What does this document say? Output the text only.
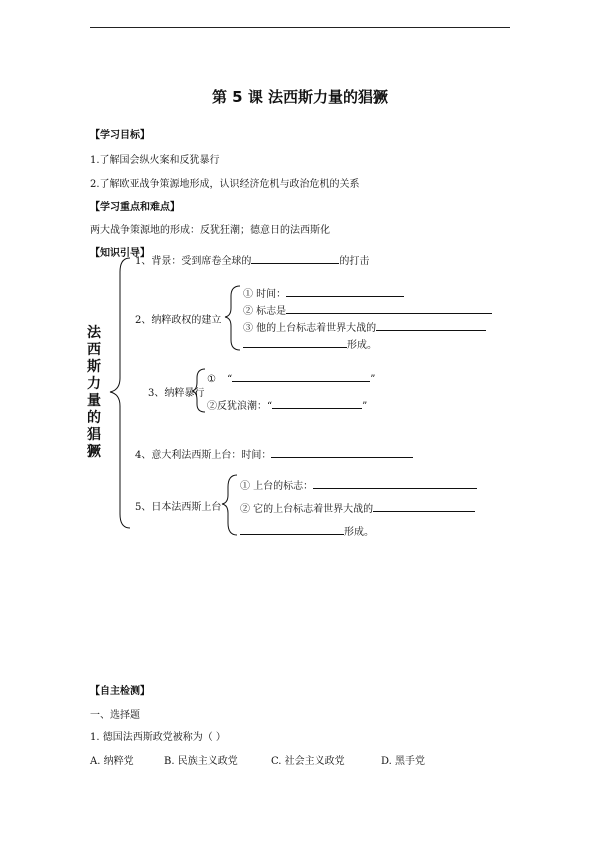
第 5 课 法西斯力量的猖獗
【学习目标】
1.了解国会纵火案和反犹暴行
2.了解欧亚战争策源地形成，认识经济危机与政治危机的关系
【学习重点和难点】
两大战争策源地的形成：反犹狂潮；德意日的法西斯化
【知识引导】
法西斯力量的猖獗
1、背景：受到席卷全球的	的打击
2、纳粹政权的建立
① 时间：
② 标志是
③ 他的上台标志着世界大战的
形成。
3、纳粹暴行
① “	”
②反犹浪潮：“	”
4、意大利法西斯上台：时间：
5、日本法西斯上台
① 上台的标志：
② 它的上台标志着世界大战的
形成。
【自主检测】
一、选择题
1. 德国法西斯政党被称为（ ）
A. 纳粹党	B. 民族主义政党	C. 社会主义政党	D. 黑手党
